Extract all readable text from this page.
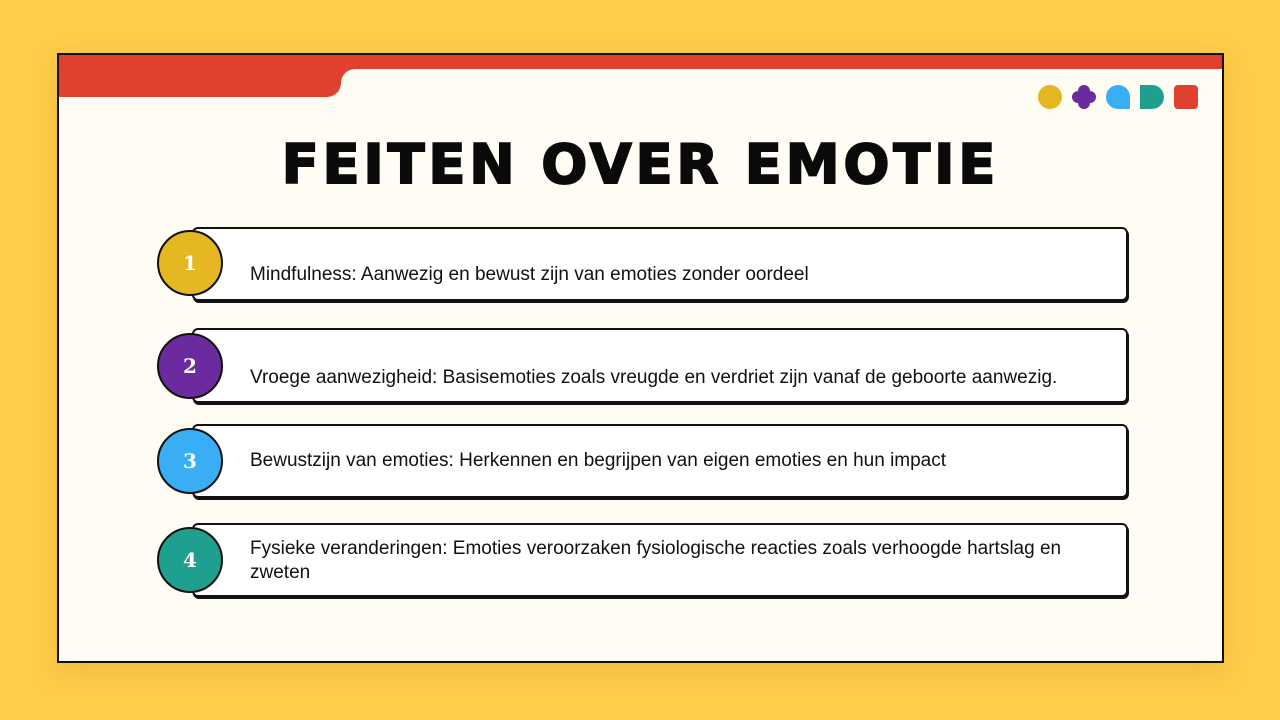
FEITEN OVER EMOTIE
Mindfulness: Aanwezig en bewust zijn van emoties zonder oordeel
1
Vroege aanwezigheid: Basisemoties zoals vreugde en verdriet zijn vanaf de geboorte aanwezig.
2
Bewustzijn van emoties: Herkennen en begrijpen van eigen emoties en hun impact
3
Fysieke veranderingen: Emoties veroorzaken fysiologische reacties zoals verhoogde hartslag en zweten
4
